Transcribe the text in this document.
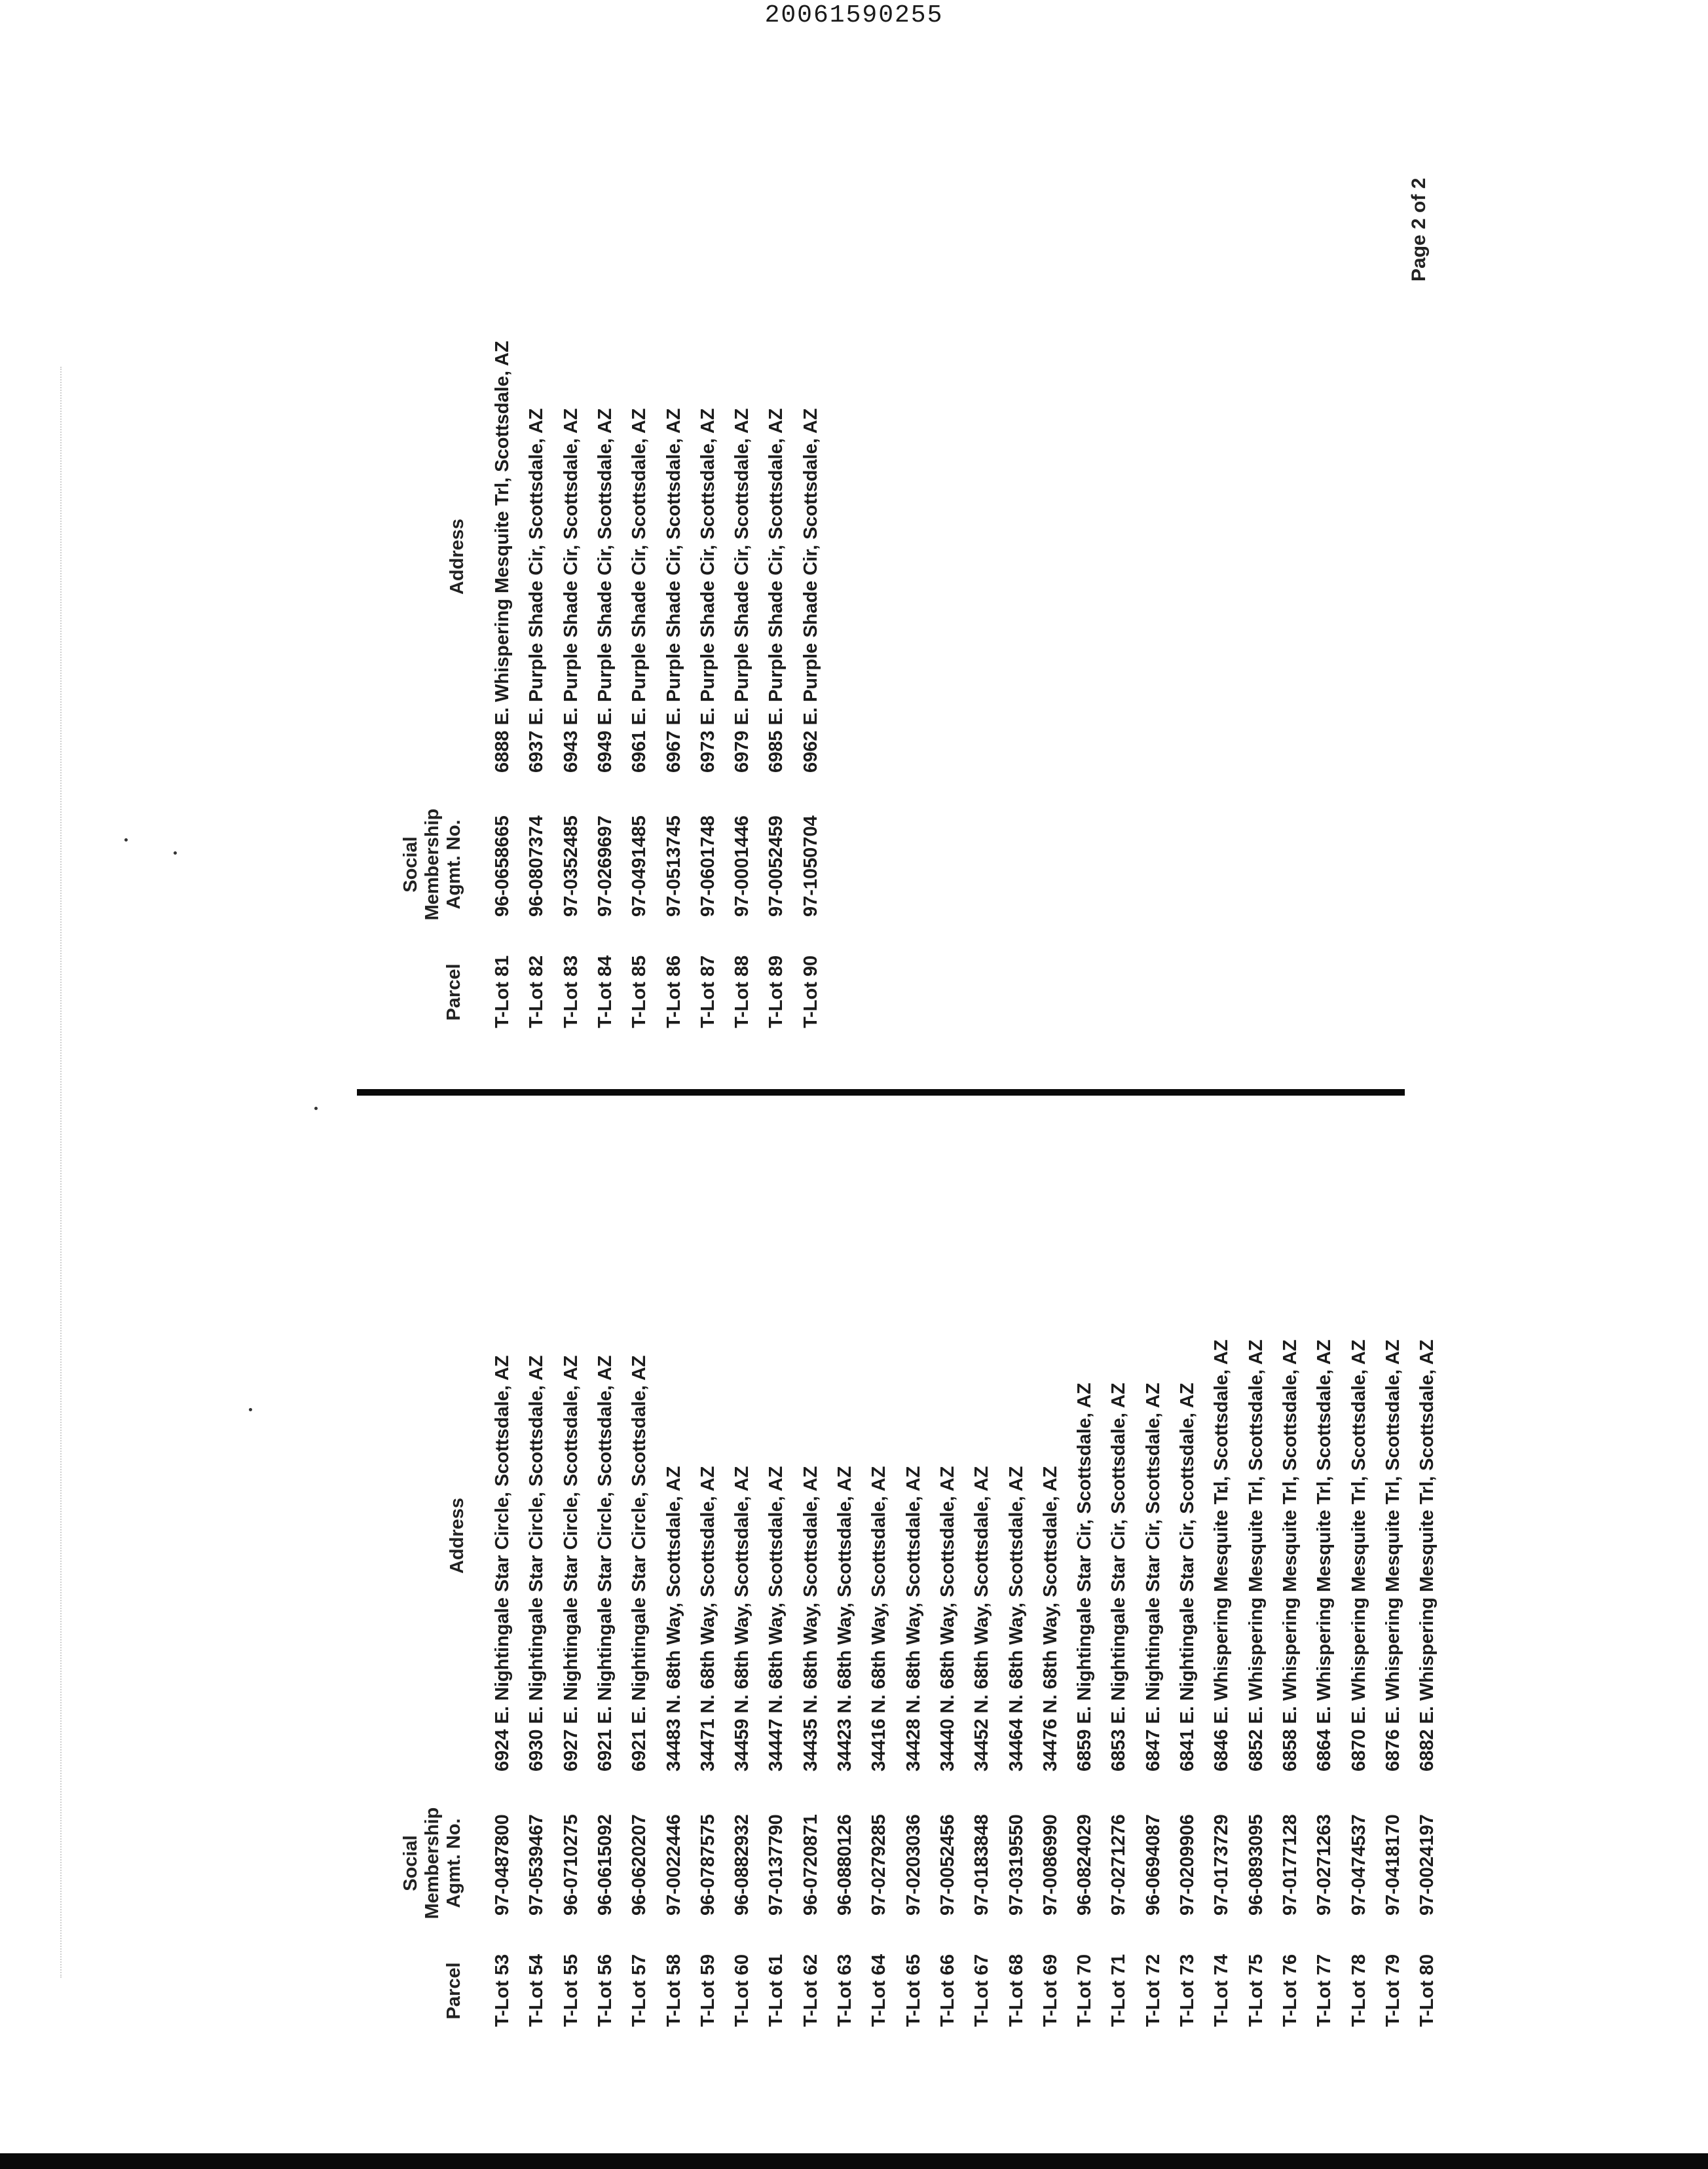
20061590255
Page 2 of 2
Parcel
Social Membership Agmt. No.
Address
T-Lot 53
97-0487800
6924 E. Nightingale Star Circle, Scottsdale, AZ
T-Lot 54
97-0539467
6930 E. Nightingale Star Circle, Scottsdale, AZ
T-Lot 55
96-0710275
6927 E. Nightingale Star Circle, Scottsdale, AZ
T-Lot 56
96-0615092
6921 E. Nightingale Star Circle, Scottsdale, AZ
T-Lot 57
96-0620207
6921 E. Nightingale Star Circle, Scottsdale, AZ
T-Lot 58
97-0022446
34483 N. 68th Way, Scottsdale, AZ
T-Lot 59
96-0787575
34471 N. 68th Way, Scottsdale, AZ
T-Lot 60
96-0882932
34459 N. 68th Way, Scottsdale, AZ
T-Lot 61
97-0137790
34447 N. 68th Way, Scottsdale, AZ
T-Lot 62
96-0720871
34435 N. 68th Way, Scottsdale, AZ
T-Lot 63
96-0880126
34423 N. 68th Way, Scottsdale, AZ
T-Lot 64
97-0279285
34416 N. 68th Way, Scottsdale, AZ
T-Lot 65
97-0203036
34428 N. 68th Way, Scottsdale, AZ
T-Lot 66
97-0052456
34440 N. 68th Way, Scottsdale, AZ
T-Lot 67
97-0183848
34452 N. 68th Way, Scottsdale, AZ
T-Lot 68
97-0319550
34464 N. 68th Way, Scottsdale, AZ
T-Lot 69
97-0086990
34476 N. 68th Way, Scottsdale, AZ
T-Lot 70
96-0824029
6859 E. Nightingale Star Cir, Scottsdale, AZ
T-Lot 71
97-0271276
6853 E. Nightingale Star Cir, Scottsdale, AZ
T-Lot 72
96-0694087
6847 E. Nightingale Star Cir, Scottsdale, AZ
T-Lot 73
97-0209906
6841 E. Nightingale Star Cir, Scottsdale, AZ
T-Lot 74
97-0173729
6846 E. Whispering Mesquite Trl, Scottsdale, AZ
T-Lot 75
96-0893095
6852 E. Whispering Mesquite Trl, Scottsdale, AZ
T-Lot 76
97-0177128
6858 E. Whispering Mesquite Trl, Scottsdale, AZ
T-Lot 77
97-0271263
6864 E. Whispering Mesquite Trl, Scottsdale, AZ
T-Lot 78
97-0474537
6870 E. Whispering Mesquite Trl, Scottsdale, AZ
T-Lot 79
97-0418170
6876 E. Whispering Mesquite Trl, Scottsdale, AZ
T-Lot 80
97-0024197
6882 E. Whispering Mesquite Trl, Scottsdale, AZ
Parcel
Social Membership Agmt. No.
Address
T-Lot 81
96-0658665
6888 E. Whispering Mesquite Trl, Scottsdale, AZ
T-Lot 82
96-0807374
6937 E. Purple Shade Cir, Scottsdale, AZ
T-Lot 83
97-0352485
6943 E. Purple Shade Cir, Scottsdale, AZ
T-Lot 84
97-0269697
6949 E. Purple Shade Cir, Scottsdale, AZ
T-Lot 85
97-0491485
6961 E. Purple Shade Cir, Scottsdale, AZ
T-Lot 86
97-0513745
6967 E. Purple Shade Cir, Scottsdale, AZ
T-Lot 87
97-0601748
6973 E. Purple Shade Cir, Scottsdale, AZ
T-Lot 88
97-0001446
6979 E. Purple Shade Cir, Scottsdale, AZ
T-Lot 89
97-0052459
6985 E. Purple Shade Cir, Scottsdale, AZ
T-Lot 90
97-1050704
6962 E. Purple Shade Cir, Scottsdale, AZ
